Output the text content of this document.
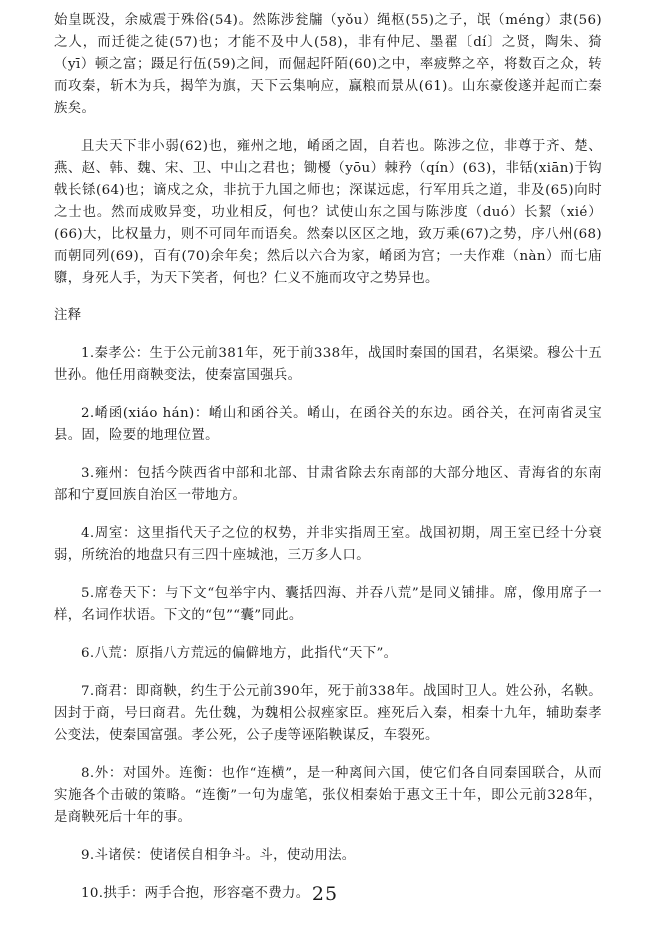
始皇既没，余威震于殊俗(54)。然陈涉瓮牖（yǒu）绳枢(55)之子，氓（méng）隶(56)之人，而迁徙之徒(57)也；才能不及中人(58)，非有仲尼、墨翟〔dí〕之贤，陶朱、猗（yī）顿之富；蹑足行伍(59)之间，而倔起阡陌(60)之中，率疲弊之卒，将数百之众，转而攻秦，斩木为兵，揭竿为旗，天下云集响应，赢粮而景从(61)。山东豪俊遂并起而亡秦族矣。

且夫天下非小弱(62)也，雍州之地，崤函之固，自若也。陈涉之位，非尊于齐、楚、燕、赵、韩、魏、宋、卫、中山之君也；锄櫌（yōu）棘矜（qín）(63)，非铦(xiān)于钩戟长铩(64)也；谪戍之众，非抗于九国之师也；深谋远虑，行军用兵之道，非及(65)向时之士也。然而成败异变，功业相反，何也？试使山东之国与陈涉度（duó）长絜（xié）(66)大，比权量力，则不可同年而语矣。然秦以区区之地，致万乘(67)之势，序八州(68)而朝同列(69)，百有(70)余年矣；然后以六合为家，崤函为宫；一夫作难（nàn）而七庙隳，身死人手，为天下笑者，何也？仁义不施而攻守之势异也。

注释

1.秦孝公：生于公元前381年，死于前338年，战国时秦国的国君，名渠梁。穆公十五世孙。他任用商鞅变法，使秦富国强兵。

2.崤函(xiáo hán)：崤山和函谷关。崤山，在函谷关的东边。函谷关，在河南省灵宝县。固，险要的地理位置。

3.雍州：包括今陕西省中部和北部、甘肃省除去东南部的大部分地区、青海省的东南部和宁夏回族自治区一带地方。

4.周室：这里指代天子之位的权势，并非实指周王室。战国初期，周王室已经十分衰弱，所统治的地盘只有三四十座城池，三万多人口。

5.席卷天下：与下文“包举宇内、囊括四海、并吞八荒”是同义铺排。席，像用席子一样，名词作状语。下文的“包”“囊”同此。

6.八荒：原指八方荒远的偏僻地方，此指代“天下”。

7.商君：即商鞅，约生于公元前390年，死于前338年。战国时卫人。姓公孙，名鞅。因封于商，号曰商君。先仕魏，为魏相公叔痤家臣。痤死后入秦，相秦十九年，辅助秦孝公变法，使秦国富强。孝公死，公子虔等诬陷鞅谋反，车裂死。

8.外：对国外。连衡：也作“连横”，是一种离间六国，使它们各自同秦国联合，从而实施各个击破的策略。“连衡”一句为虚笔，张仪相秦始于惠文王十年，即公元前328年，是商鞅死后十年的事。

9.斗诸侯：使诸侯自相争斗。斗，使动用法。

10.拱手：两手合抱，形容毫不费力。 25
